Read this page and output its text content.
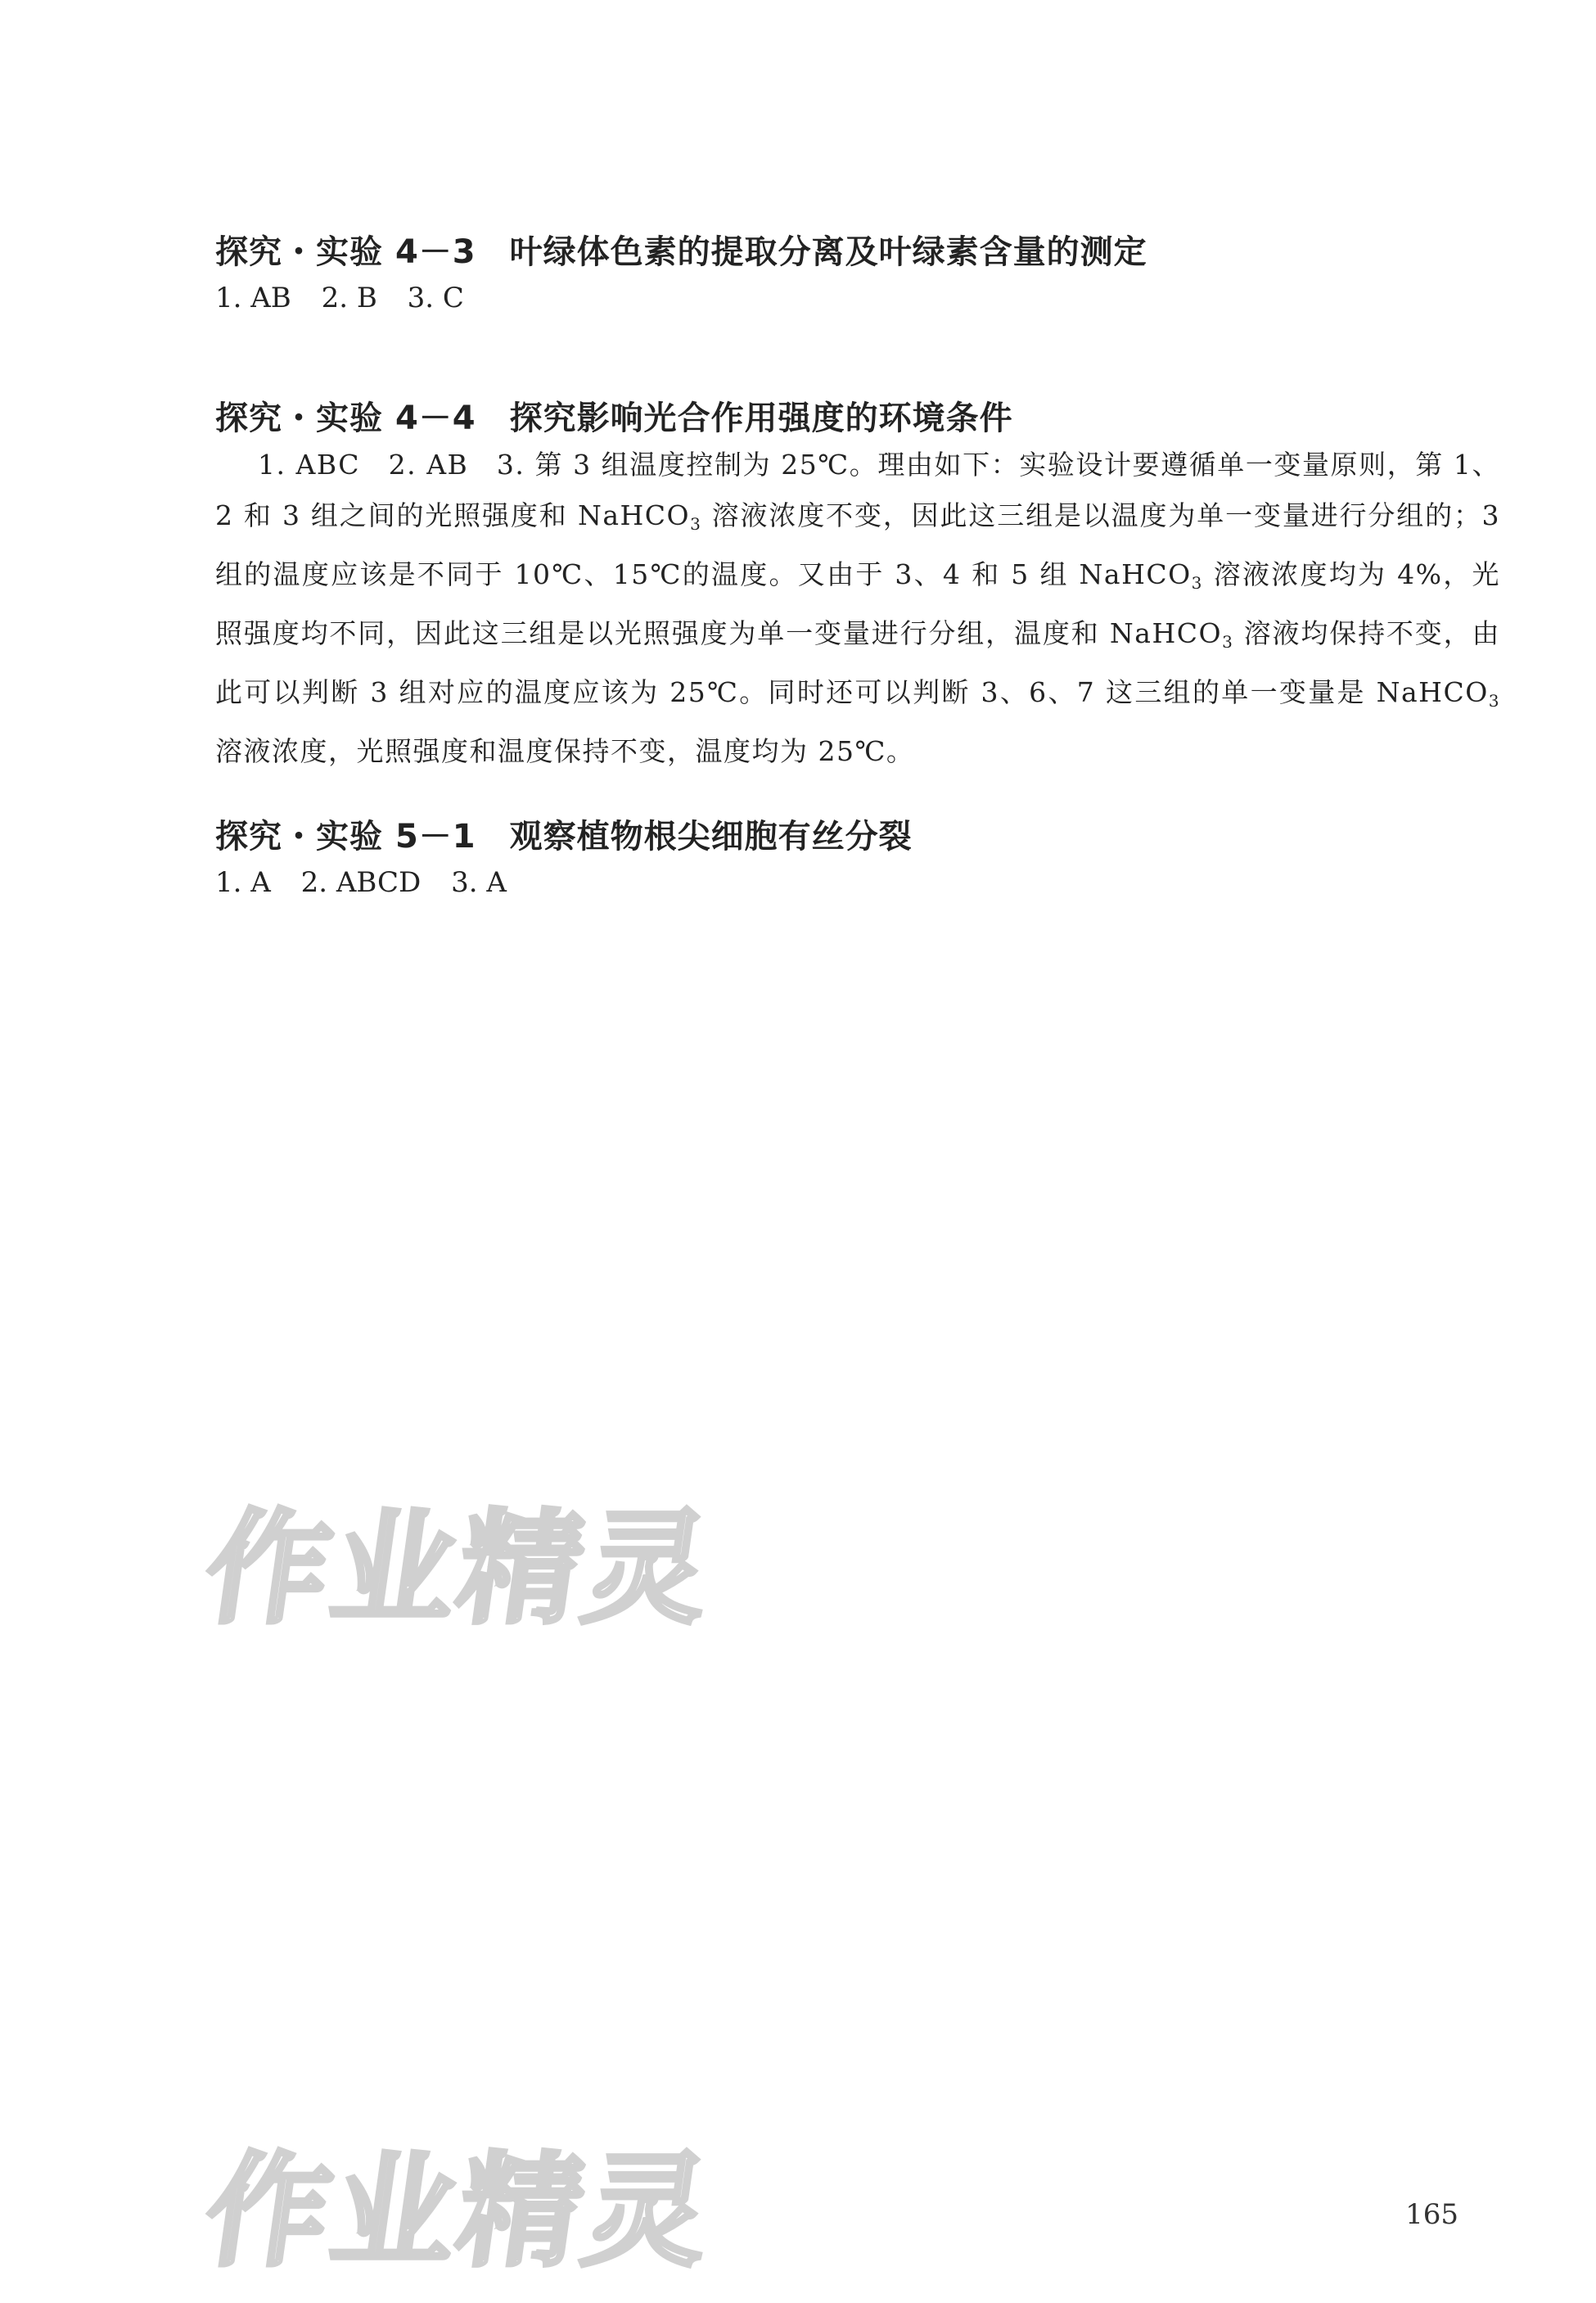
探究・实验 4－3　 叶绿体色素的提取分离及叶绿素含量的测定

1. AB 2. B 3. C

探究・实验 4－4　 探究影响光合作用强度的环境条件

1. ABC　2. AB　3. 第 3 组温度控制为 25℃。理由如下：实验设计要遵循单一变量原则，第 1、2 和 3 组之间的光照强度和 NaHCO$_3$ 溶液浓度不变，因此这三组是以温度为单一变量进行分组的；3 组的温度应该是不同于 10℃、15℃的温度。又由于 3、4 和 5 组 NaHCO$_3$ 溶液浓度均为 4%，光照强度均不同，因此这三组是以光照强度为单一变量进行分组，温度和 NaHCO$_3$ 溶液均保持不变，由此可以判断 3 组对应的温度应该为 25℃。同时还可以判断 3、6、7 这三组的单一变量是 NaHCO$_3$ 溶液浓度，光照强度和温度保持不变，温度均为 25℃。

探究・实验 5－1　 观察植物根尖细胞有丝分裂

1. A 2. ABCD 3. A

作业精灵
作业精灵	165
